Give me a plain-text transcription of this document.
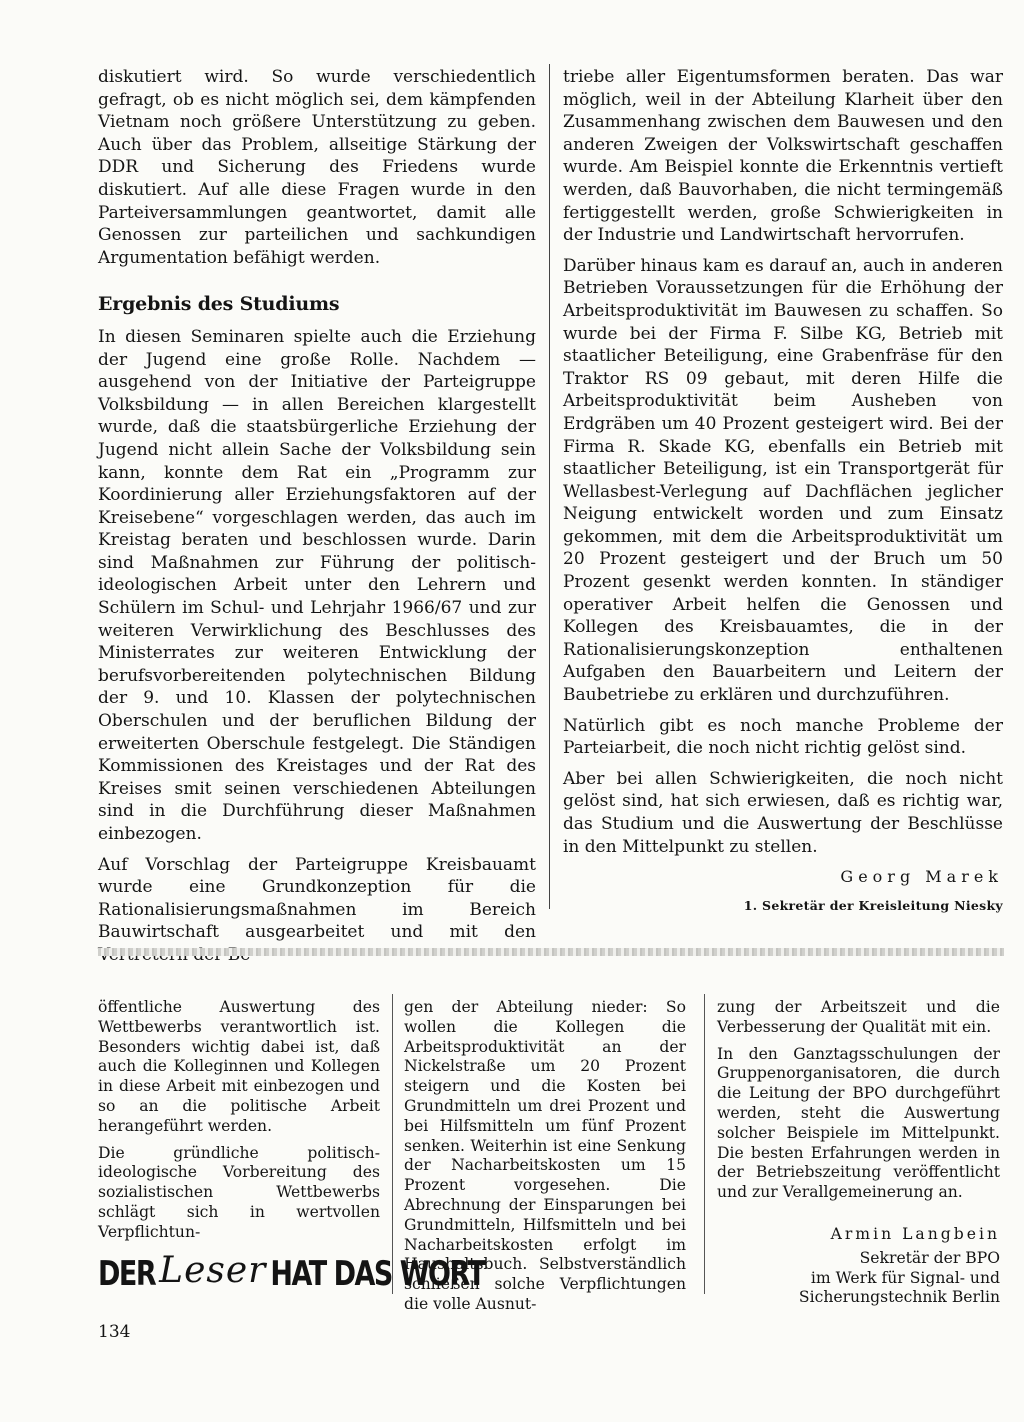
diskutiert wird. So wurde verschiedentlich gefragt, ob es nicht möglich sei, dem kämpfenden Vietnam noch größere Unterstützung zu geben. Auch über das Problem, allseitige Stärkung der DDR und Sicherung des Friedens wurde diskutiert. Auf alle diese Fragen wurde in den Parteiversammlungen geantwortet, damit alle Genossen zur parteilichen und sachkundigen Argumentation befähigt werden.

Ergebnis des Studiums

In diesen Seminaren spielte auch die Erziehung der Jugend eine große Rolle. Nachdem — ausgehend von der Initiative der Parteigruppe Volksbildung — in allen Bereichen klargestellt wurde, daß die staatsbürgerliche Erziehung der Jugend nicht allein Sache der Volksbildung sein kann, konnte dem Rat ein „Programm zur Koordinierung aller Erziehungsfaktoren auf der Kreisebene“ vorgeschlagen werden, das auch im Kreistag beraten und beschlossen wurde. Darin sind Maßnahmen zur Führung der politisch-ideologischen Arbeit unter den Lehrern und Schülern im Schul- und Lehrjahr 1966/67 und zur weiteren Verwirklichung des Beschlusses des Ministerrates zur weiteren Entwicklung der berufsvorbereitenden polytechnischen Bildung der 9. und 10. Klassen der polytechnischen Oberschulen und der beruflichen Bildung der erweiterten Oberschule festgelegt. Die Ständigen Kommissionen des Kreistages und der Rat des Kreises smit seinen verschiedenen Abteilungen sind in die Durchführung dieser Maßnahmen einbezogen.

Auf Vorschlag der Parteigruppe Kreisbauamt wurde eine Grundkonzeption für die Rationalisierungsmaßnahmen im Bereich Bauwirtschaft ausgearbeitet und mit den

triebe aller Eigentumsformen beraten. Das war möglich, weil in der Abteilung Klarheit über den Zusammenhang zwischen dem Bauwesen und den anderen Zweigen der Volkswirtschaft geschaffen wurde. Am Beispiel konnte die Erkenntnis vertieft werden, daß Bauvorhaben, die nicht termingemäß fertiggestellt werden, große Schwierigkeiten in der Industrie und Landwirtschaft hervorrufen.

Darüber hinaus kam es darauf an, auch in anderen Betrieben Voraussetzungen für die Erhöhung der Arbeitsproduktivität im Bauwesen zu schaffen. So wurde bei der Firma F. Silbe KG, Betrieb mit staatlicher Beteiligung, eine Grabenfräse für den Traktor RS 09 gebaut, mit deren Hilfe die Arbeitsproduktivität beim Ausheben von Erdgräben um 40 Prozent gesteigert wird. Bei der Firma R. Skade KG, ebenfalls ein Betrieb mit staatlicher Beteiligung, ist ein Transportgerät für Wellasbest-Verlegung auf Dachflächen jeglicher Neigung entwickelt worden und zum Einsatz gekommen, mit dem die Arbeitsproduktivität um 20 Prozent gesteigert und der Bruch um 50 Prozent gesenkt werden konnten. In ständiger operativer Arbeit helfen die Genossen und Kollegen des Kreisbauamtes, die in der Rationalisierungskonzeption enthaltenen Aufgaben den Bauarbeitern und Leitern der Baubetriebe zu erklären und durchzuführen.

Natürlich gibt es noch manche Probleme der Parteiarbeit, die noch nicht richtig gelöst sind.

Aber bei allen Schwierigkeiten, die noch nicht gelöst sind, hat sich erwiesen, daß es richtig war, das Studium und die Auswertung der Beschlüsse in den Mittelpunkt zu stellen.

Georg Marek
1. Sekretär der Kreisleitung Niesky

öffentliche Auswertung des Wettbewerbs verantwortlich ist. Besonders wichtig dabei ist, daß auch die Kolleginnen und Kollegen in diese Arbeit mit einbezogen und so an die politische Arbeit herangeführt werden.

Die gründliche politisch-ideologische Vorbereitung des sozialistischen Wettbewerbs schlägt sich in wertvollen Verpflichtun-

gen der Abteilung nieder: So wollen die Kollegen die Arbeitsproduktivität an der Nickelstraße um 20 Prozent steigern und die Kosten bei Grundmitteln um drei Prozent und bei Hilfsmitteln um fünf Prozent senken. Weiterhin ist eine Senkung der Nacharbeitskosten um 15 Prozent vorgesehen. Die Abrechnung der Einsparungen bei Grundmitteln, Hilfsmitteln und bei Nacharbeitskosten erfolgt im Haushaltsbuch. Selbstverständlich schließen solche Verpflichtungen die volle Ausnut-

zung der Arbeitszeit und die Verbesserung der Qualität mit ein.

In den Ganztagsschulungen der Gruppenorganisatoren, die durch die Leitung der BPO durchgeführt werden, steht die Auswertung solcher Beispiele im Mittelpunkt. Die besten Erfahrungen werden in der Betriebszeitung veröffentlicht und zur Verallgemeinerung an.

Armin Langbein
Sekretär der BPO
im Werk für Signal- und
Sicherungstechnik Berlin
DER Leser HAT DAS WORT
134
